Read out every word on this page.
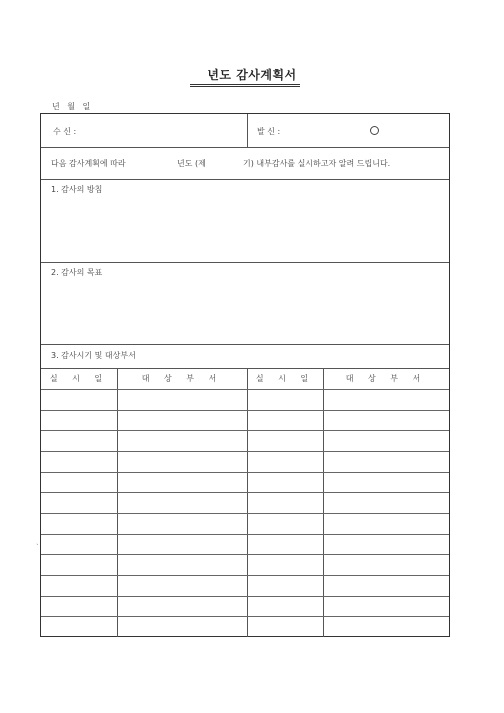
년도 감사계획서
년 월 일
수 신 :	발 신 :
다음 감사계획에 따라	년도 (제	기) 내부감사를 실시하고자 알려 드립니다.
1. 감사의 방침
2. 감사의 목표
3. 감사시기 및 대상부서
실 시 일	대 상 부 서	실 시 일	대 상 부 서
`
